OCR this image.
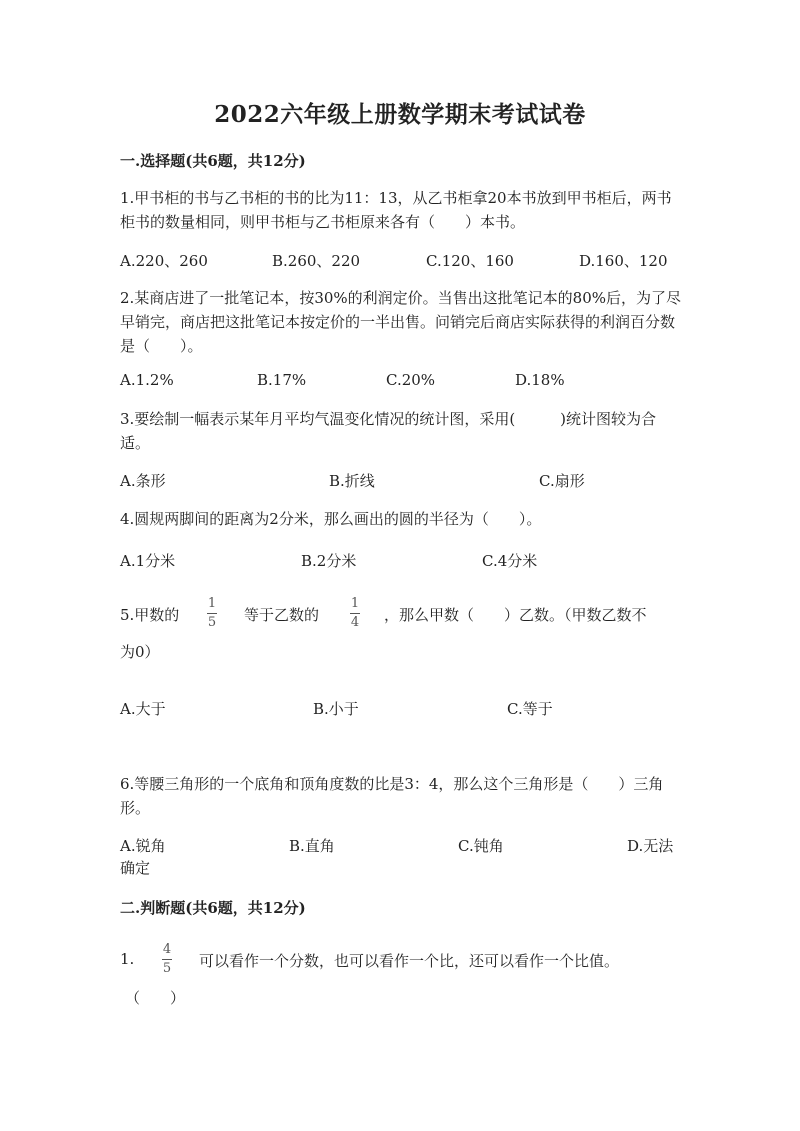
2022六年级上册数学期末考试试卷
一.选择题(共6题，共12分)
1.甲书柜的书与乙书柜的书的比为11：13，从乙书柜拿20本书放到甲书柜后，两书柜书的数量相同，则甲书柜与乙书柜原来各有（　　）本书。
A.220、260	B.260、220	C.120、160	D.160、120
2.某商店进了一批笔记本，按30%的利润定价。当售出这批笔记本的80%后，为了尽早销完，商店把这批笔记本按定价的一半出售。问销完后商店实际获得的利润百分数是（　　）。
A.1.2%	B.17%	C.20%	D.18%
3.要绘制一幅表示某年月平均气温变化情况的统计图，采用(　　　)统计图较为合适。
A.条形	B.折线	C.扇形
4.圆规两脚间的距离为2分米，那么画出的圆的半径为（　　）。
A.1分米	B.2分米	C.4分米
5.甲数的
1
5 等于乙数的
1
4 ，那么甲数（　　）乙数。（甲数乙数不
为0）
A.大于	B.小于	C.等于
6.等腰三角形的一个底角和顶角度数的比是3：4，那么这个三角形是（　　）三角形。
A.锐角	B.直角	C.钝角	D.无法
确定
二.判断题(共6题，共12分)
1.
4
5 可以看作一个分数，也可以看作一个比，还可以看作一个比值。
（　　）
